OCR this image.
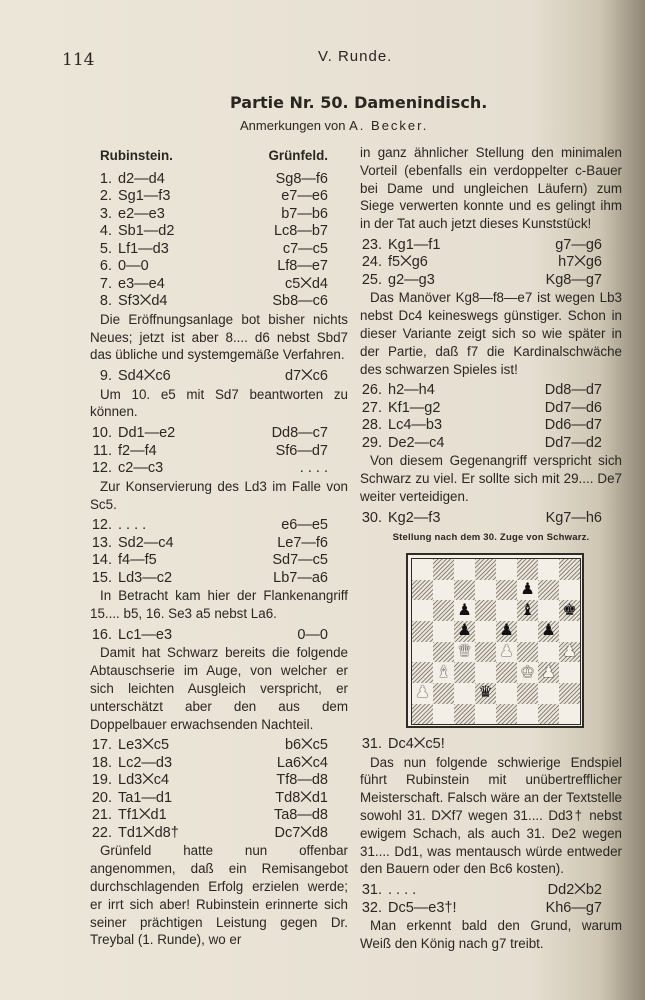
114	V. Runde.
Partie Nr. 50. Damenindisch.
Anmerkungen von A. Becker.
Rubinstein.	Grünfeld.
1. d2—d4	Sg8—f6
2. Sg1—f3	e7—e6
3. e2—e3	b7—b6
4. Sb1—d2	Lc8—b7
5. Lf1—d3	c7—c5
6. 0—0	Lf8—e7
7. e3—e4	c5⨉d4
8. Sf3⨉d4	Sb8—c6
Die Eröffnungsanlage bot bisher nichts Neues; jetzt ist aber 8.... d6 nebst Sbd7 das übliche und systemgemäße Verfahren.
9. Sd4⨉c6	d7⨉c6
Um 10. e5 mit Sd7 beantworten zu können.
10. Dd1—e2	Dd8—c7
11. f2—f4	Sf6—d7
12. c2—c3	. . . .
Zur Konservierung des Ld3 im Falle von Sc5.
12. . . . .	e6—e5
13. Sd2—c4	Le7—f6
14. f4—f5	Sd7—c5
15. Ld3—c2	Lb7—a6
In Betracht kam hier der Flankenangriff 15.... b5, 16. Se3 a5 nebst La6.
16. Lc1—e3	0—0
Damit hat Schwarz bereits die folgende Abtauschserie im Auge, von welcher er sich leichten Ausgleich verspricht, er unterschätzt aber den aus dem Doppelbauer erwachsenden Nachteil.
17. Le3⨉c5	b6⨉c5
18. Lc2—d3	La6⨉c4
19. Ld3⨉c4	Tf8—d8
20. Ta1—d1	Td8⨉d1
21. Tf1⨉d1	Ta8—d8
22. Td1⨉d8†	Dc7⨉d8
Grünfeld hatte nun offenbar angenommen, daß ein Remisangebot durchschlagenden Erfolg erzielen werde; er irrt sich aber! Rubinstein erinnerte sich seiner prächtigen Leistung gegen Dr. Treybal (1. Runde), wo er
in ganz ähnlicher Stellung den minimalen Vorteil (ebenfalls ein verdoppelter c-Bauer bei Dame und ungleichen Läufern) zum Siege verwerten konnte und es gelingt ihm in der Tat auch jetzt dieses Kunststück!
23. Kg1—f1	g7—g6
24. f5⨉g6	h7⨉g6
25. g2—g3	Kg8—g7
Das Manöver Kg8—f8—e7 ist wegen Lb3 nebst Dc4 keineswegs günstiger. Schon in dieser Variante zeigt sich so wie später in der Partie, daß f7 die Kardinalschwäche des schwarzen Spieles ist!
26. h2—h4	Dd8—d7
27. Kf1—g2	Dd7—d6
28. Lc4—b3	Dd6—d7
29. De2—c4	Dd7—d2
Von diesem Gegenangriff verspricht sich Schwarz zu viel. Er sollte sich mit 29.... De7 weiter verteidigen.
30. Kg2—f3	Kg7—h6
Stellung nach dem 30. Zuge von Schwarz.
♟
♟	♝ ♚
♟ ♟ ♟
♛ ♟	♟
♝	♚ ♟
♟	♛
31. Dc4⨉c5!
Das nun folgende schwierige Endspiel führt Rubinstein mit unübertrefflicher Meisterschaft. Falsch wäre an der Textstelle sowohl 31. D⨉f7 wegen 31.... Dd3† nebst ewigem Schach, als auch 31. De2 wegen 31.... Dd1, was mentausch würde entweder den Bauern oder den Bc6 kosten).
31. . . . .	Dd2⨉b2
32. Dc5—e3†!	Kh6—g7
Man erkennt bald den Grund, warum Weiß den König nach g7 treibt.
